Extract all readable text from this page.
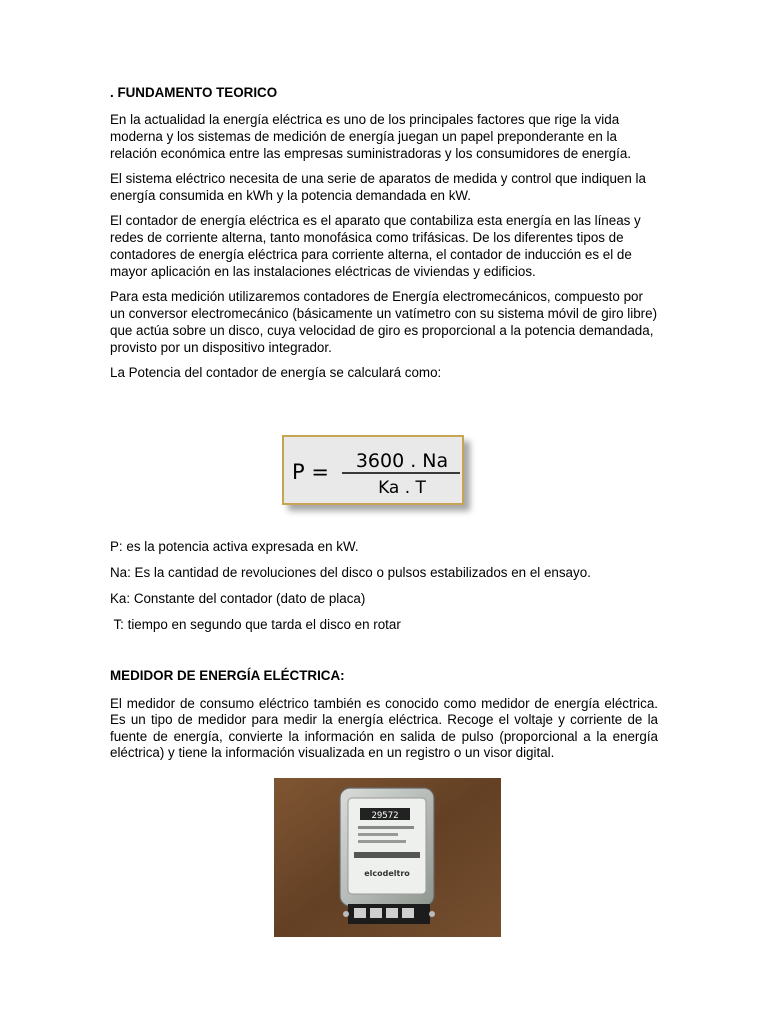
. FUNDAMENTO TEORICO

En la actualidad la energía eléctrica es uno de los principales factores que rige la vida moderna y los sistemas de medición de energía juegan un papel preponderante en la relación económica entre las empresas suministradoras y los consumidores de energía.

El sistema eléctrico necesita de una serie de aparatos de medida y control que indiquen la energía consumida en kWh y la potencia demandada en kW.

El contador de energía eléctrica es el aparato que contabiliza esta energía en las líneas y redes de corriente alterna, tanto monofásica como trifásicas. De los diferentes tipos de contadores de energía eléctrica para corriente alterna, el contador de inducción es el de mayor aplicación en las instalaciones eléctricas de viviendas y edificios.

Para esta medición utilizaremos contadores de Energía electromecánicos, compuesto por un conversor electromecánico (básicamente un vatímetro con su sistema móvil de giro libre) que actúa sobre un disco, cuya velocidad de giro es proporcional a la potencia demandada, provisto por un dispositivo integrador.

La Potencia del contador de energía se calculará como:

P = 3600 . Na
Ka . T

P: es la potencia activa expresada en kW.

Na: Es la cantidad de revoluciones del disco o pulsos estabilizados en el ensayo.

Ka: Constante del contador (dato de placa)

T: tiempo en segundo que tarda el disco en rotar

MEDIDOR DE ENERGÍA ELÉCTRICA:

El medidor de consumo eléctrico también es conocido como medidor de energía eléctrica. Es un tipo de medidor para medir la energía eléctrica. Recoge el voltaje y corriente de la fuente de energía, convierte la información en salida de pulso (proporcional a la energía eléctrica) y tiene la información visualizada en un registro o un visor digital.

29572
elcodeltro
